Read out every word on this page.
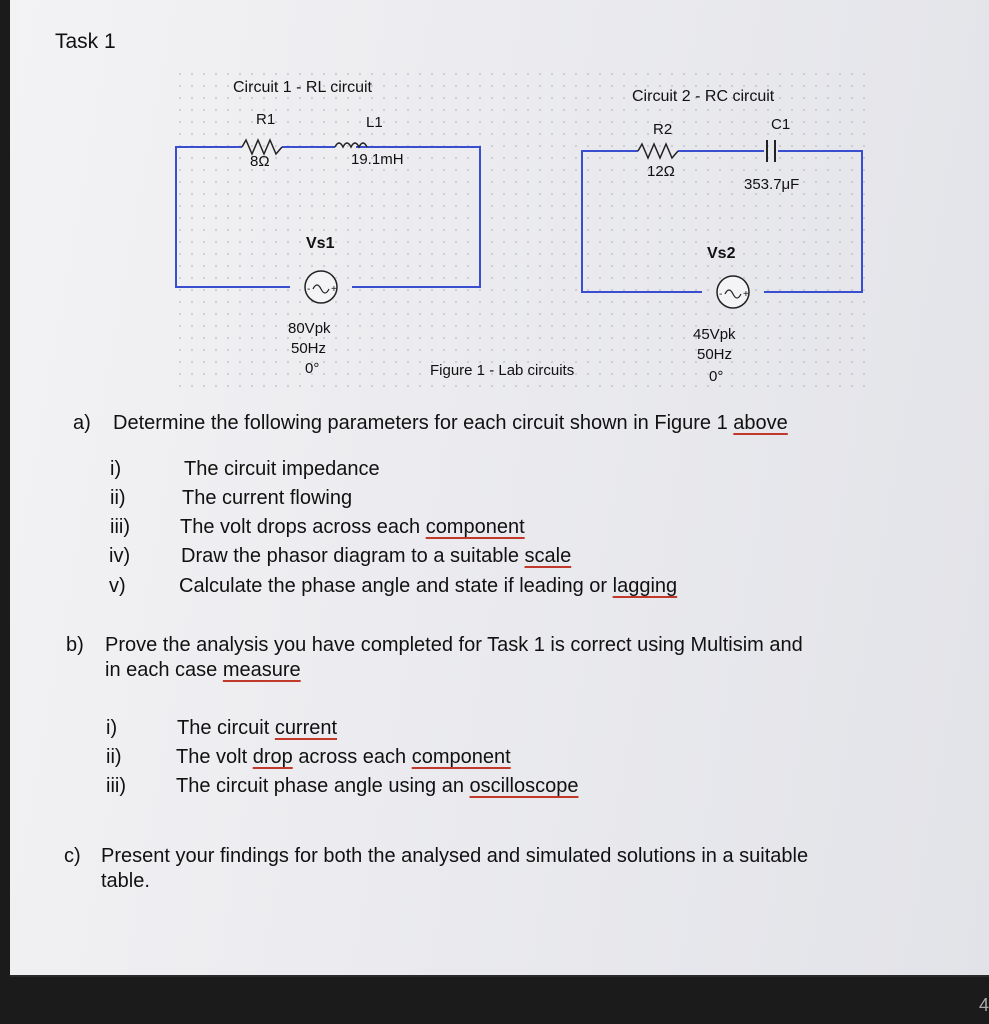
Task 1
Circuit 1 - RL circuit
R1	L1
8Ω	19.1mH
Vs1
- +
80Vpk
50Hz
0°
Circuit 2 - RC circuit
R2	C1
12Ω
353.7μF
Vs2
- +
45Vpk
50Hz
0°
Figure 1 - Lab circuits
a) Determine the following parameters for each circuit shown in Figure 1 above
i)	The circuit impedance
ii)	The current flowing
iii)	The volt drops across each component
iv)	Draw the phasor diagram to a suitable scale
v)	Calculate the phase angle and state if leading or lagging
b) Prove the analysis you have completed for Task 1 is correct using Multisim and
in each case measure
i)	The circuit current
ii)	The volt drop across each component
iii)	The circuit phase angle using an oscilloscope
c) Present your findings for both the analysed and simulated solutions in a suitable
table.
4
